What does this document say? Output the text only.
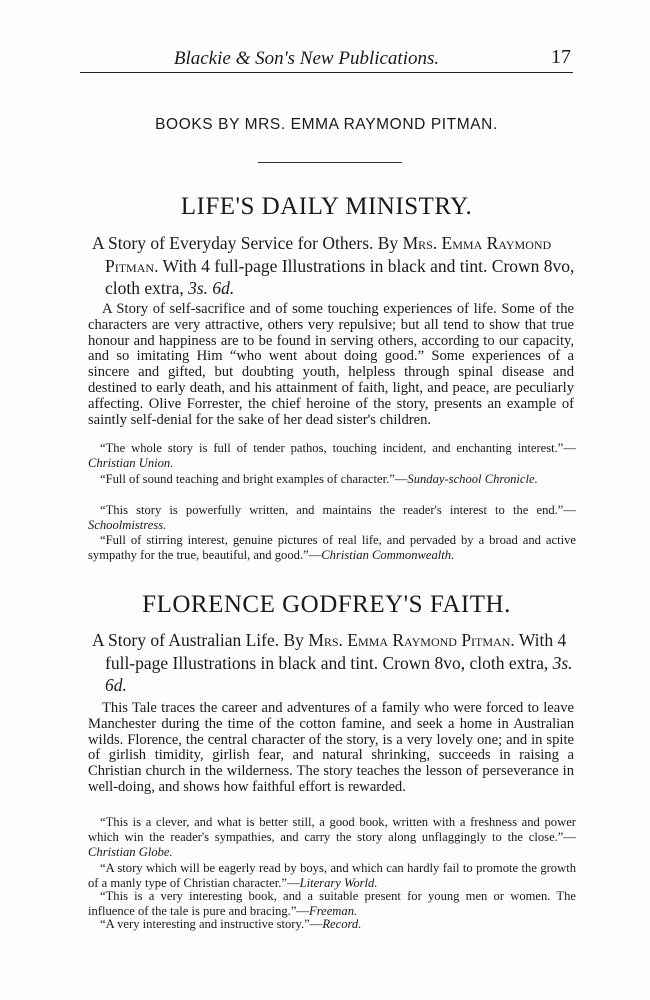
Blackie & Son's New Publications.	17
BOOKS BY MRS. EMMA RAYMOND PITMAN.
LIFE'S DAILY MINISTRY.

A Story of Everyday Service for Others. By Mrs. Emma Raymond Pitman. With 4 full-page Illustrations in black and tint. Crown 8vo, cloth extra, 3s. 6d.

A Story of self-sacrifice and of some touching experiences of life. Some of the characters are very attractive, others very repulsive; but all tend to show that true honour and happiness are to be found in serving others, according to our capacity, and so imitating Him “who went about doing good.” Some experiences of a sincere and gifted, but doubting youth, helpless through spinal disease and destined to early death, and his attainment of faith, light, and peace, are peculiarly affecting. Olive Forrester, the chief heroine of the story, presents an example of saintly self-denial for the sake of her dead sister's children.

“The whole story is full of tender pathos, touching incident, and enchanting interest.”—Christian Union.

“Full of sound teaching and bright examples of character.”—Sunday-school Chronicle.

“This story is powerfully written, and maintains the reader's interest to the end.”—Schoolmistress.

“Full of stirring interest, genuine pictures of real life, and pervaded by a broad and active sympathy for the true, beautiful, and good.”—Christian Commonwealth.

FLORENCE GODFREY'S FAITH.

A Story of Australian Life. By Mrs. Emma Raymond Pitman. With 4 full-page Illustrations in black and tint. Crown 8vo, cloth extra, 3s. 6d.

This Tale traces the career and adventures of a family who were forced to leave Manchester during the time of the cotton famine, and seek a home in Australian wilds. Florence, the central character of the story, is a very lovely one; and in spite of girlish timidity, girlish fear, and natural shrinking, succeeds in raising a Christian church in the wilderness. The story teaches the lesson of perseverance in well-doing, and shows how faithful effort is rewarded.

“This is a clever, and what is better still, a good book, written with a freshness and power which win the reader's sympathies, and carry the story along unflaggingly to the close.”—Christian Globe.

“A story which will be eagerly read by boys, and which can hardly fail to promote the growth of a manly type of Christian character.”—Literary World.

“This is a very interesting book, and a suitable present for young men or women. The influence of the tale is pure and bracing.”—Freeman.

“A very interesting and instructive story.”—Record.
